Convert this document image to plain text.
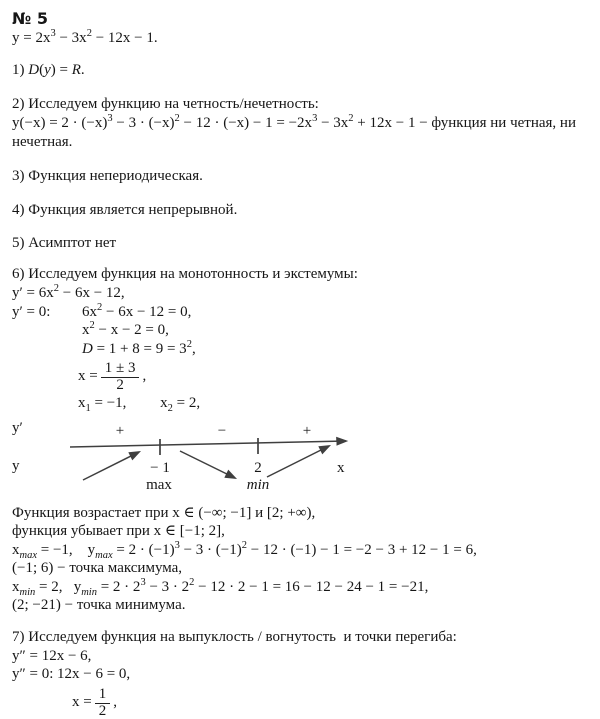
№ 5
$y = 2x^3 - 3x^2 - 12x - 1$.
1) D(y) = R.
2) Исследуем функцию на четность/нечетность:
$y(-x) = 2 \cdot (-x)^3 - 3 \cdot (-x)^2 - 12 \cdot (-x) - 1 = -2x^3 - 3x^2 + 12x - 1$ − функция ни четная, ни нечетная.
3) Функция непериодическая.
4) Функция является непрерывной.
5) Асимптот нет
6) Исследуем функция на монотонность и экстемумы:
$y' = 6x^2 - 6x - 12$,
y′ = 0: $6x^2 - 6x - 12 = 0$,
$x^2 - x - 2 = 0$,
$D = 1 + 8 = 9 = 3^2$,
$x = \frac{1 \pm 3}{2}$ ,
$x_1 = -1$,         $x_2 = 2$,
y′	+	−	+
y	− 1	2	x
max	min
Функция возрастает при x ∈ (−∞; −1] и [2; +∞),
функция убывает при x ∈ [−1; 2],
$x_{max} = -1$,    $y_{max} = 2 \cdot (-1)^3 - 3 \cdot (-1)^2 - 12 \cdot (-1) - 1 = -2 - 3 + 12 - 1 = 6$,
(−1; 6) − точка максимума,
$x_{min} = 2$,   $y_{min} = 2 \cdot 2^3 - 3 \cdot 2^2 - 12 \cdot 2 - 1 = 16 - 12 - 24 - 1 = -21$,
(2; −21) − точка минимума.
7) Исследуем функция на выпуклость / вогнутость  и точки перегиба:
y″ = 12x − 6,
y″ = 0: 12x − 6 = 0,
$x = \frac{1}{2}$ ,
